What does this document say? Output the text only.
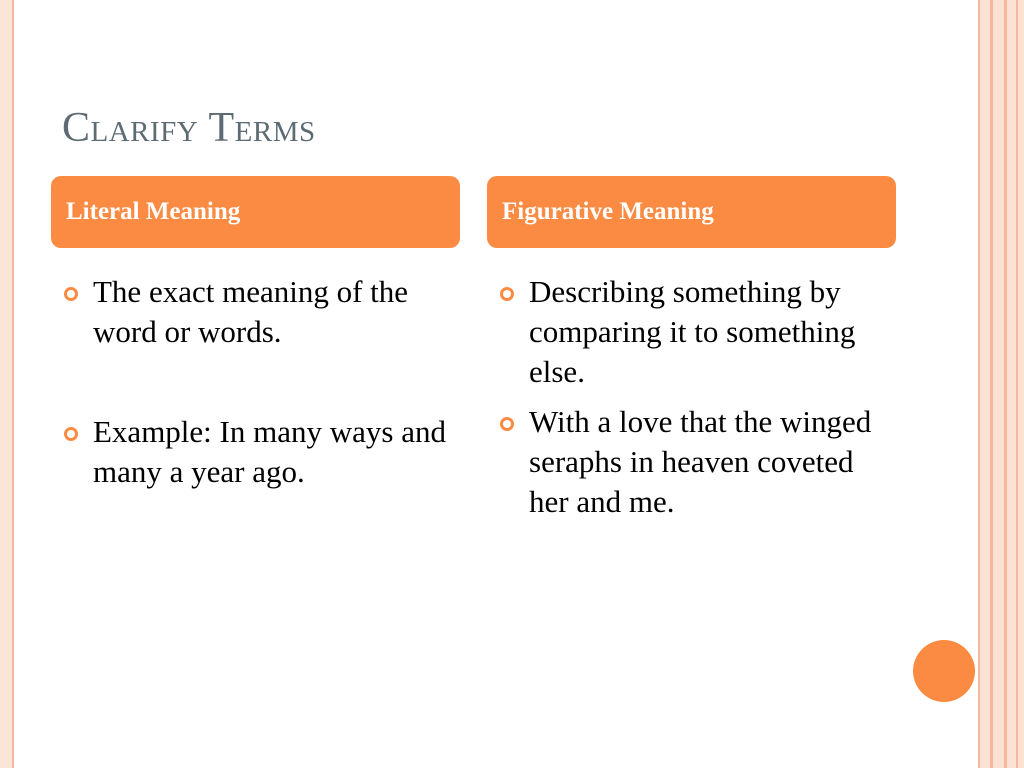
Clarify Terms
Literal Meaning	Figurative Meaning
The exact meaning of the word or words.
Example: In many ways and many a year ago.
Describing something by comparing it to something else.
With a love that the winged seraphs in heaven coveted her and me.
